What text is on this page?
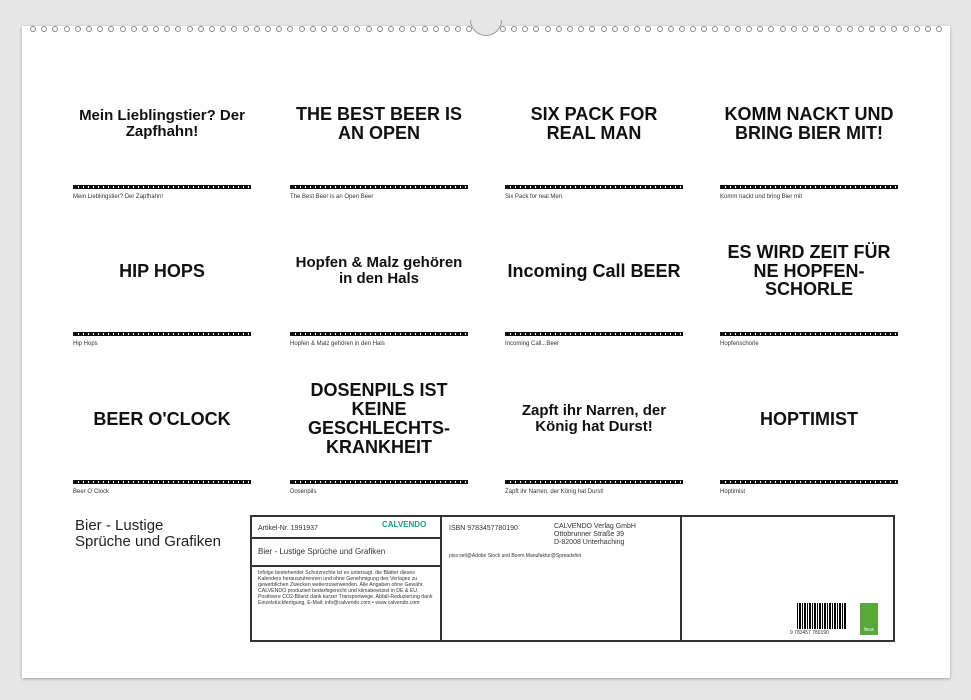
Mein Lieblingstier? Der Zapfhahn!
Mein Lieblingstier? Der Zapfhahn!
THE BEST BEER IS AN OPEN
The Best Beer is an Open Beer
SIX PACK FOR REAL MAN
Six Pack for real Men
KOMM NACKT UND BRING BIER MIT!
Komm nackt und bring Bier mit
HIP HOPS
Hip Hops
Hopfen & Malz gehören in den Hals
Hopfen & Malz gehören in den Hals
Incoming Call BEER
Incoming Call...Beer
ES WIRD ZEIT FÜR NE HOPFEN-SCHORLE
Hopfenschorle
BEER O'CLOCK
Beer O´Clock
DOSENPILS IST KEINE GESCHLECHTS-KRANKHEIT
Dosenpils
Zapft ihr Narren, der König hat Durst!
Zapft ihr Narren, der König hat Durst!
HOPTIMIST
Hoptimist
Bier - Lustige
Sprüche und Grafiken
Artikel-Nr. 1991937	CALVENDO
Bier - Lustige Sprüche und Grafiken
Infolge bestehender Schutzrechte ist es untersagt, die Blätter dieses Kalenders herauszutrennen und ohne Genehmigung des Verlages zu gewerblichen Zwecken weiterzuverwenden. Alle Angaben ohne Gewähr. CALVENDO produziert bedarfsgerecht und klimabewusst in DE & EU. Positivere CO2-Bilanz dank kurzer Transportwege. Abfall-Reduzierung dank Einzelstückfertigung. E-Mail: info@calvendo.com • www.calvendo.com
ISBN 9783457780190	CALVENDO Verlag GmbH
Ottobrunner Straße 39
D-82008 Unterhaching
pixs:sell@Adobe Stock und Boom Manufaktur@Spreadshirt
9 783457 780190	feca
